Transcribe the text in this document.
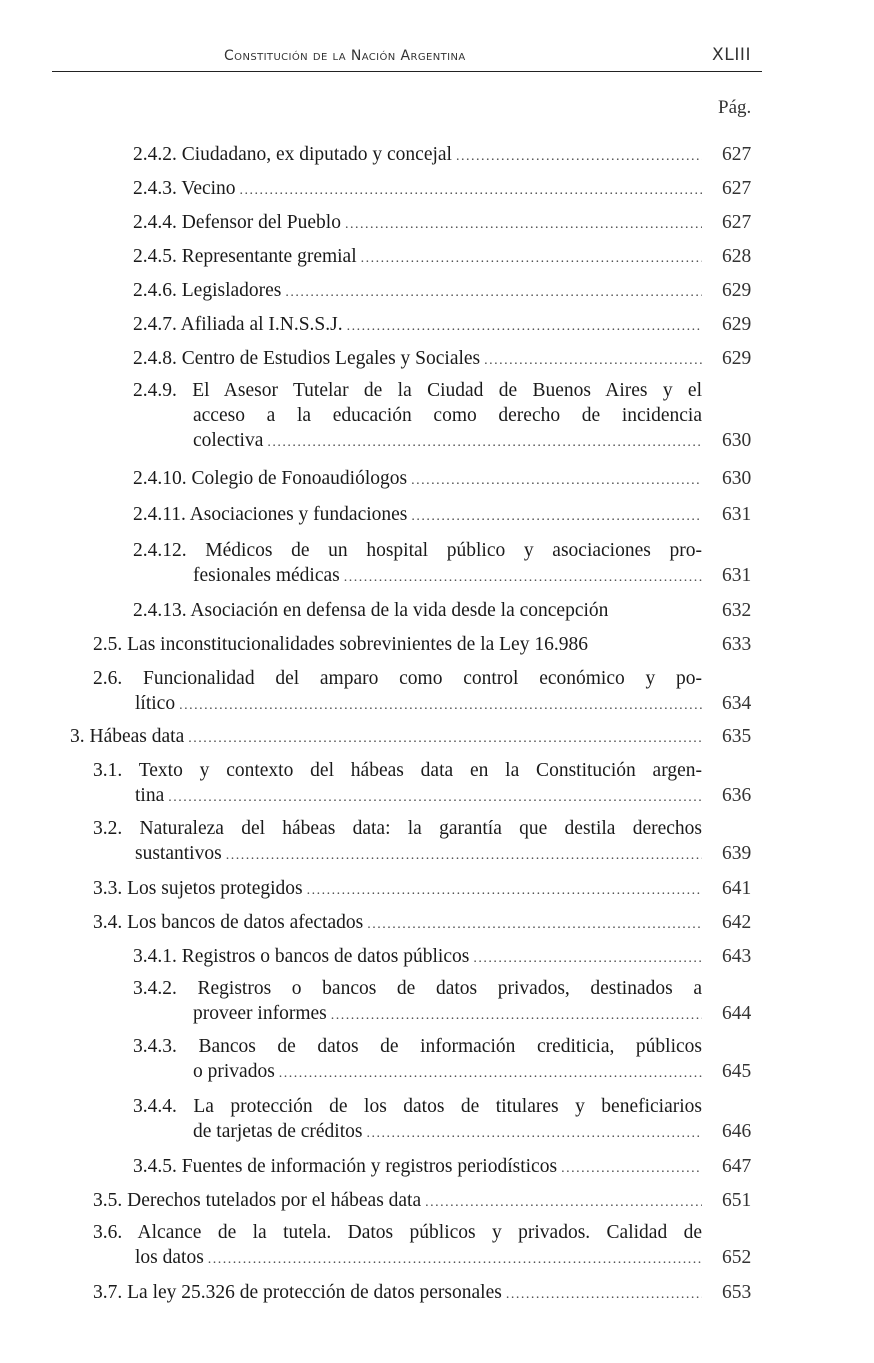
Constitución de la Nación Argentina	XLIII
Pág.
2.4.2. Ciudadano, ex diputado y concejal .....	627
2.4.3. Vecino .....	627
2.4.4. Defensor del Pueblo .....	627
2.4.5. Representante gremial .....	628
2.4.6. Legisladores .....	629
2.4.7. Afiliada al I.N.S.S.J. .....	629
2.4.8. Centro de Estudios Legales y Sociales .....	629
2.4.9. El Asesor Tutelar de la Ciudad de Buenos Aires y el
acceso a la educación como derecho de incidencia
colectiva .....	630
2.4.10. Colegio de Fonoaudiólogos .....	630
2.4.11. Asociaciones y fundaciones .....	631
2.4.12. Médicos de un hospital público y asociaciones pro-
fesionales médicas .....	631
2.4.13. Asociación en defensa de la vida desde la concepción	632
2.5. Las inconstitucionalidades sobrevinientes de la Ley 16.986	633
2.6. Funcionalidad del amparo como control económico y po-
lítico .....	634
3. Hábeas data .....	635
3.1. Texto y contexto del hábeas data en la Constitución argen-
tina .....	636
3.2. Naturaleza del hábeas data: la garantía que destila derechos
sustantivos .....	639
3.3. Los sujetos protegidos .....	641
3.4. Los bancos de datos afectados .....	642
3.4.1. Registros o bancos de datos públicos .....	643
3.4.2. Registros o bancos de datos privados, destinados a
proveer informes .....	644
3.4.3. Bancos de datos de información crediticia, públicos
o privados .....	645
3.4.4. La protección de los datos de titulares y beneficiarios
de tarjetas de créditos .....	646
3.4.5. Fuentes de información y registros periodísticos .....	647
3.5. Derechos tutelados por el hábeas data .....	651
3.6. Alcance de la tutela. Datos públicos y privados. Calidad de
los datos .....	652
3.7. La ley 25.326 de protección de datos personales .....	653
